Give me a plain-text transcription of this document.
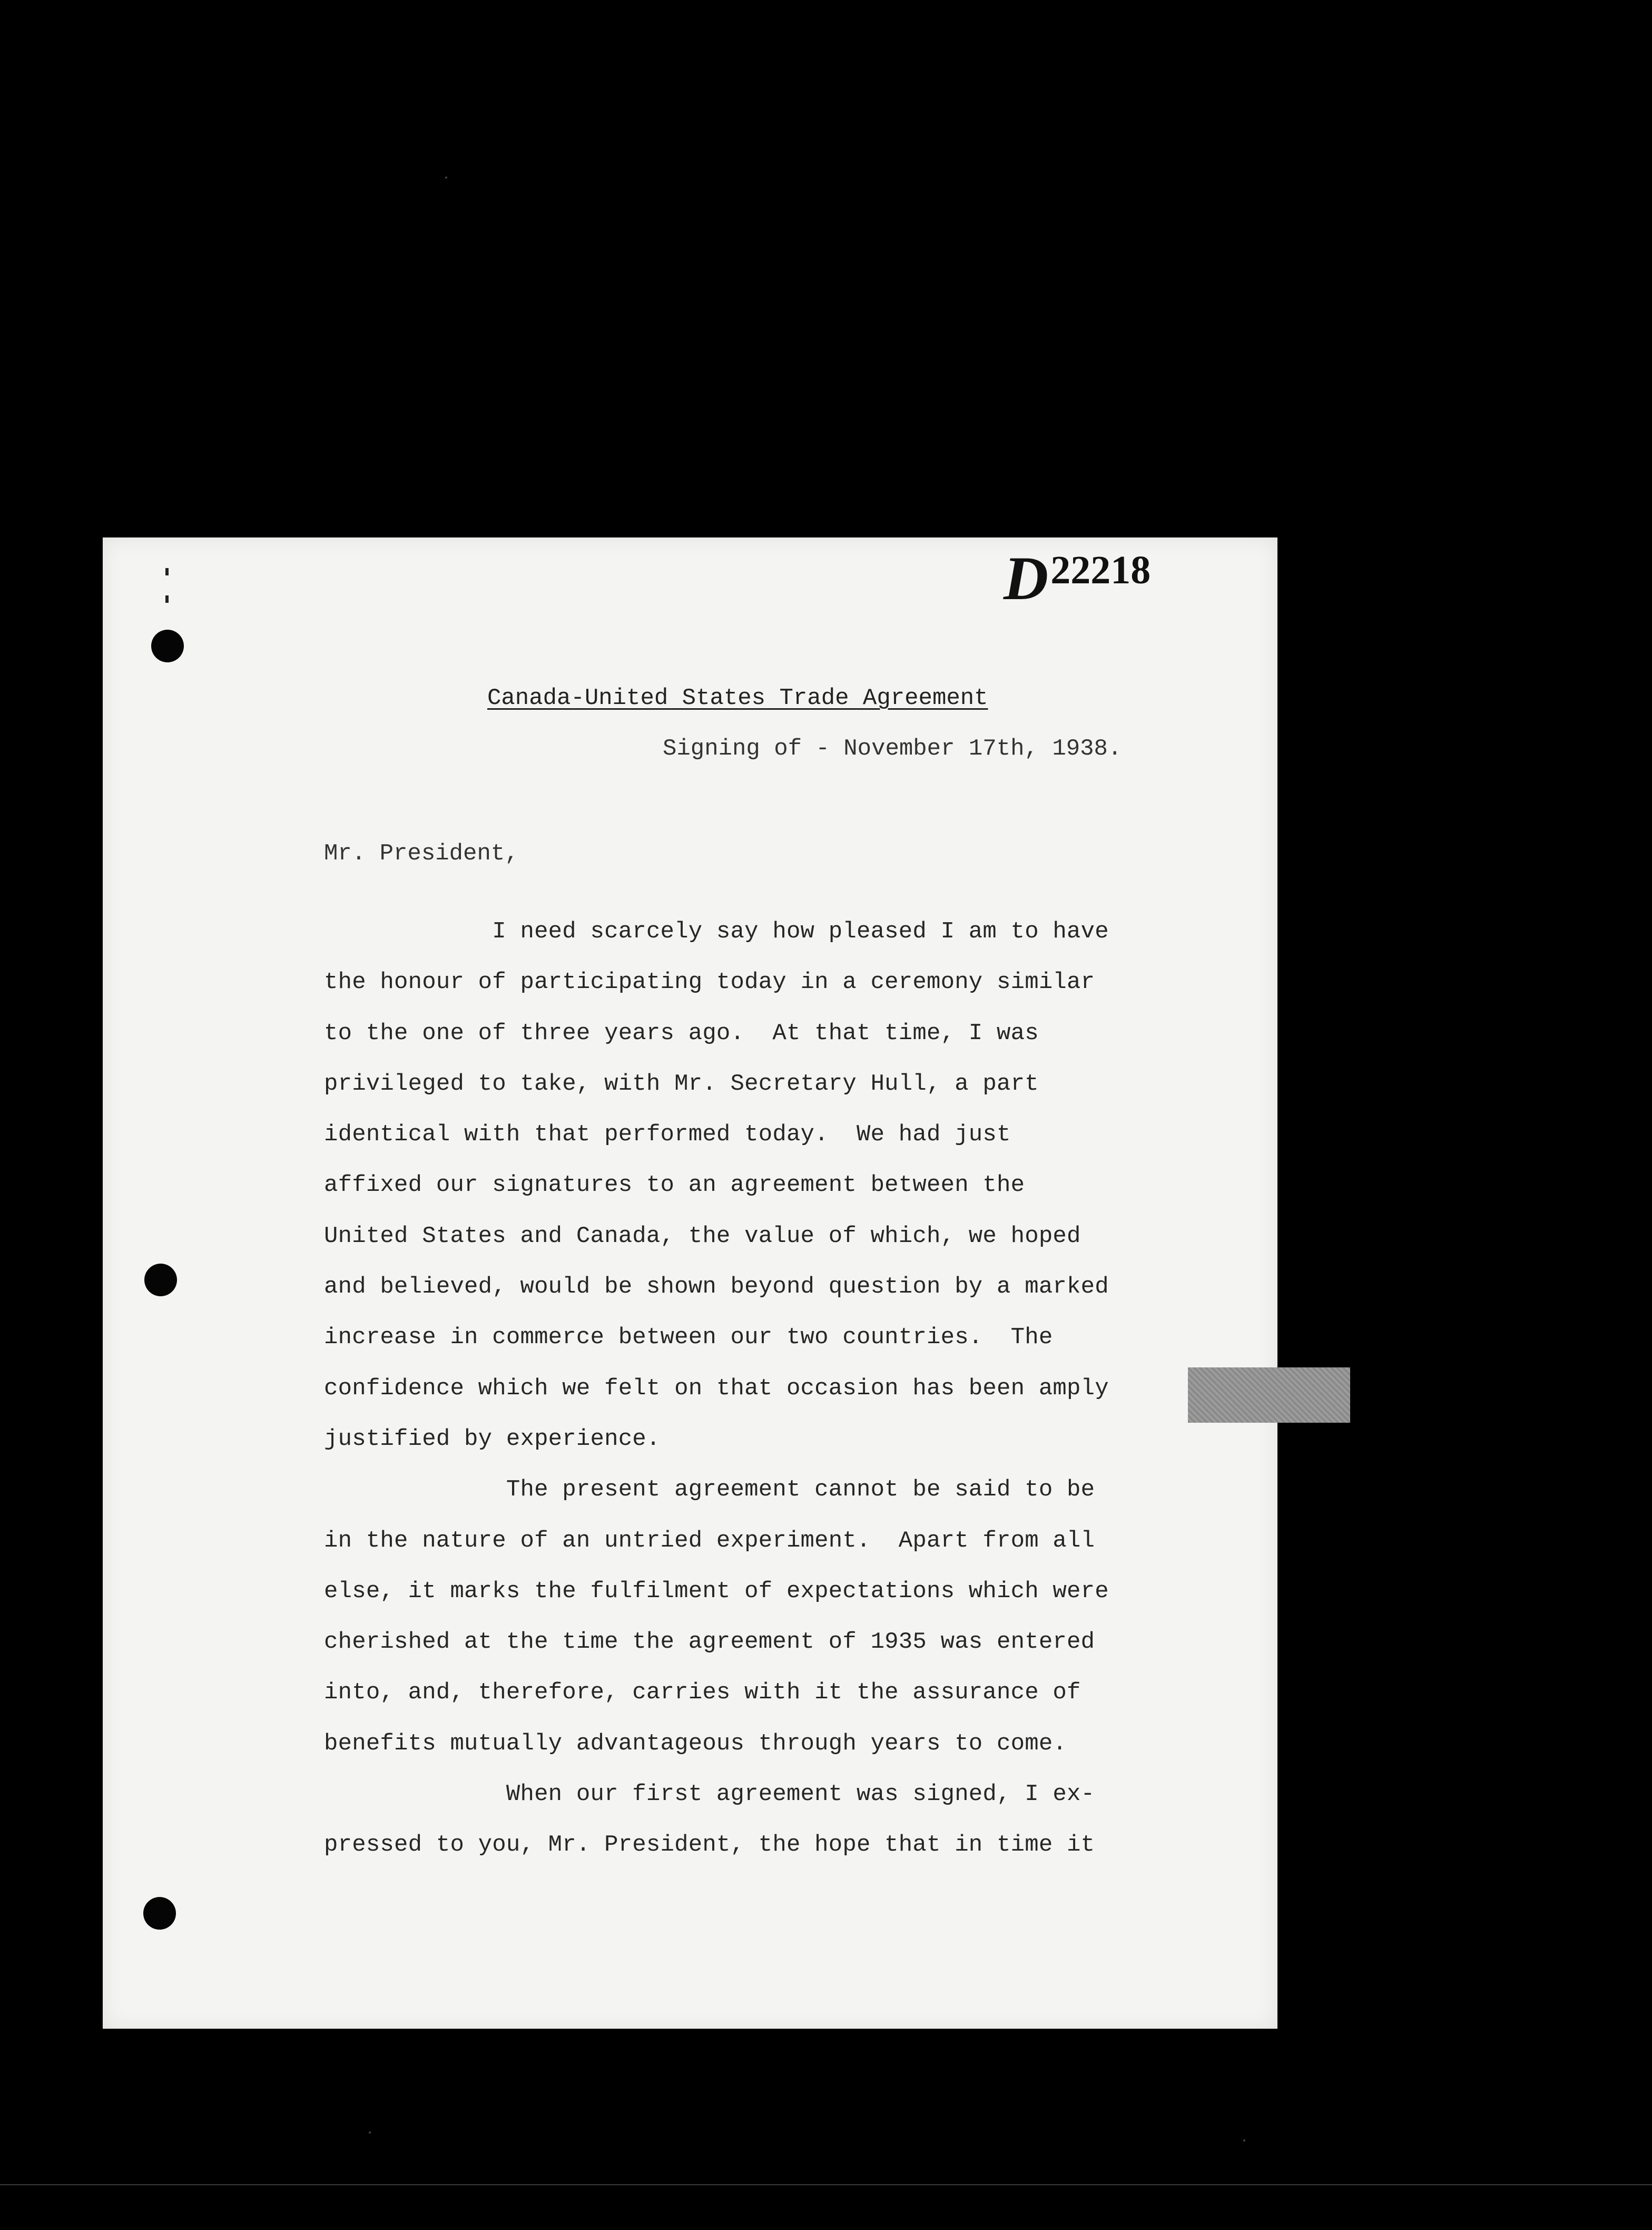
D22218
Canada-United States Trade Agreement
Signing of - November 17th, 1938.
Mr. President,
I need scarcely say how pleased I am to have
the honour of participating today in a ceremony similar
to the one of three years ago.  At that time, I was
privileged to take, with Mr. Secretary Hull, a part
identical with that performed today.  We had just
affixed our signatures to an agreement between the
United States and Canada, the value of which, we hoped
and believed, would be shown beyond question by a marked
increase in commerce between our two countries.  The
confidence which we felt on that occasion has been amply
justified by experience.
The present agreement cannot be said to be
in the nature of an untried experiment.  Apart from all
else, it marks the fulfilment of expectations which were
cherished at the time the agreement of 1935 was entered
into, and, therefore, carries with it the assurance of
benefits mutually advantageous through years to come.
When our first agreement was signed, I ex-
pressed to you, Mr. President, the hope that in time it
